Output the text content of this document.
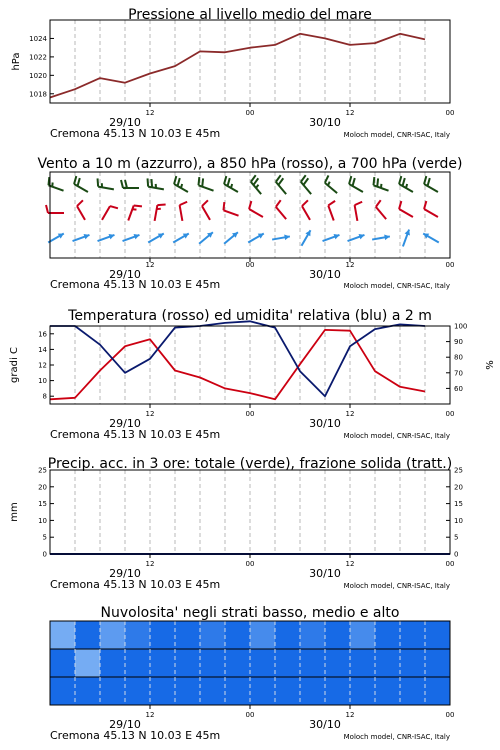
Pressione al livello medio del mare
12	00	12	00
29/10	30/10
Cremona 45.13 N 10.03 E 45m	Moloch model, CNR-ISAC, Italy
1018
1020
1022
1024
hPa
Vento a 10 m (azzurro), a 850 hPa (rosso), a 700 hPa (verde)
12	00	12	00
29/10	30/10
Cremona 45.13 N 10.03 E 45m	Moloch model, CNR-ISAC, Italy
Temperatura (rosso) ed umidita' relativa (blu) a 2 m
12	00	12	00
29/10	30/10
Cremona 45.13 N 10.03 E 45m	Moloch model, CNR-ISAC, Italy
8
10
12
14
16
gradi C
60
70
80
90
100
%
Precip. acc. in 3 ore: totale (verde), frazione solida (tratt.)
12	00	12	00
29/10	30/10
Cremona 45.13 N 10.03 E 45m	Moloch model, CNR-ISAC, Italy
0
5
10
15
20
25
0
5
10
15
20
25
mm
Nuvolosita' negli strati basso, medio e alto
12	00	12	00
29/10	30/10
Cremona 45.13 N 10.03 E 45m	Moloch model, CNR-ISAC, Italy
